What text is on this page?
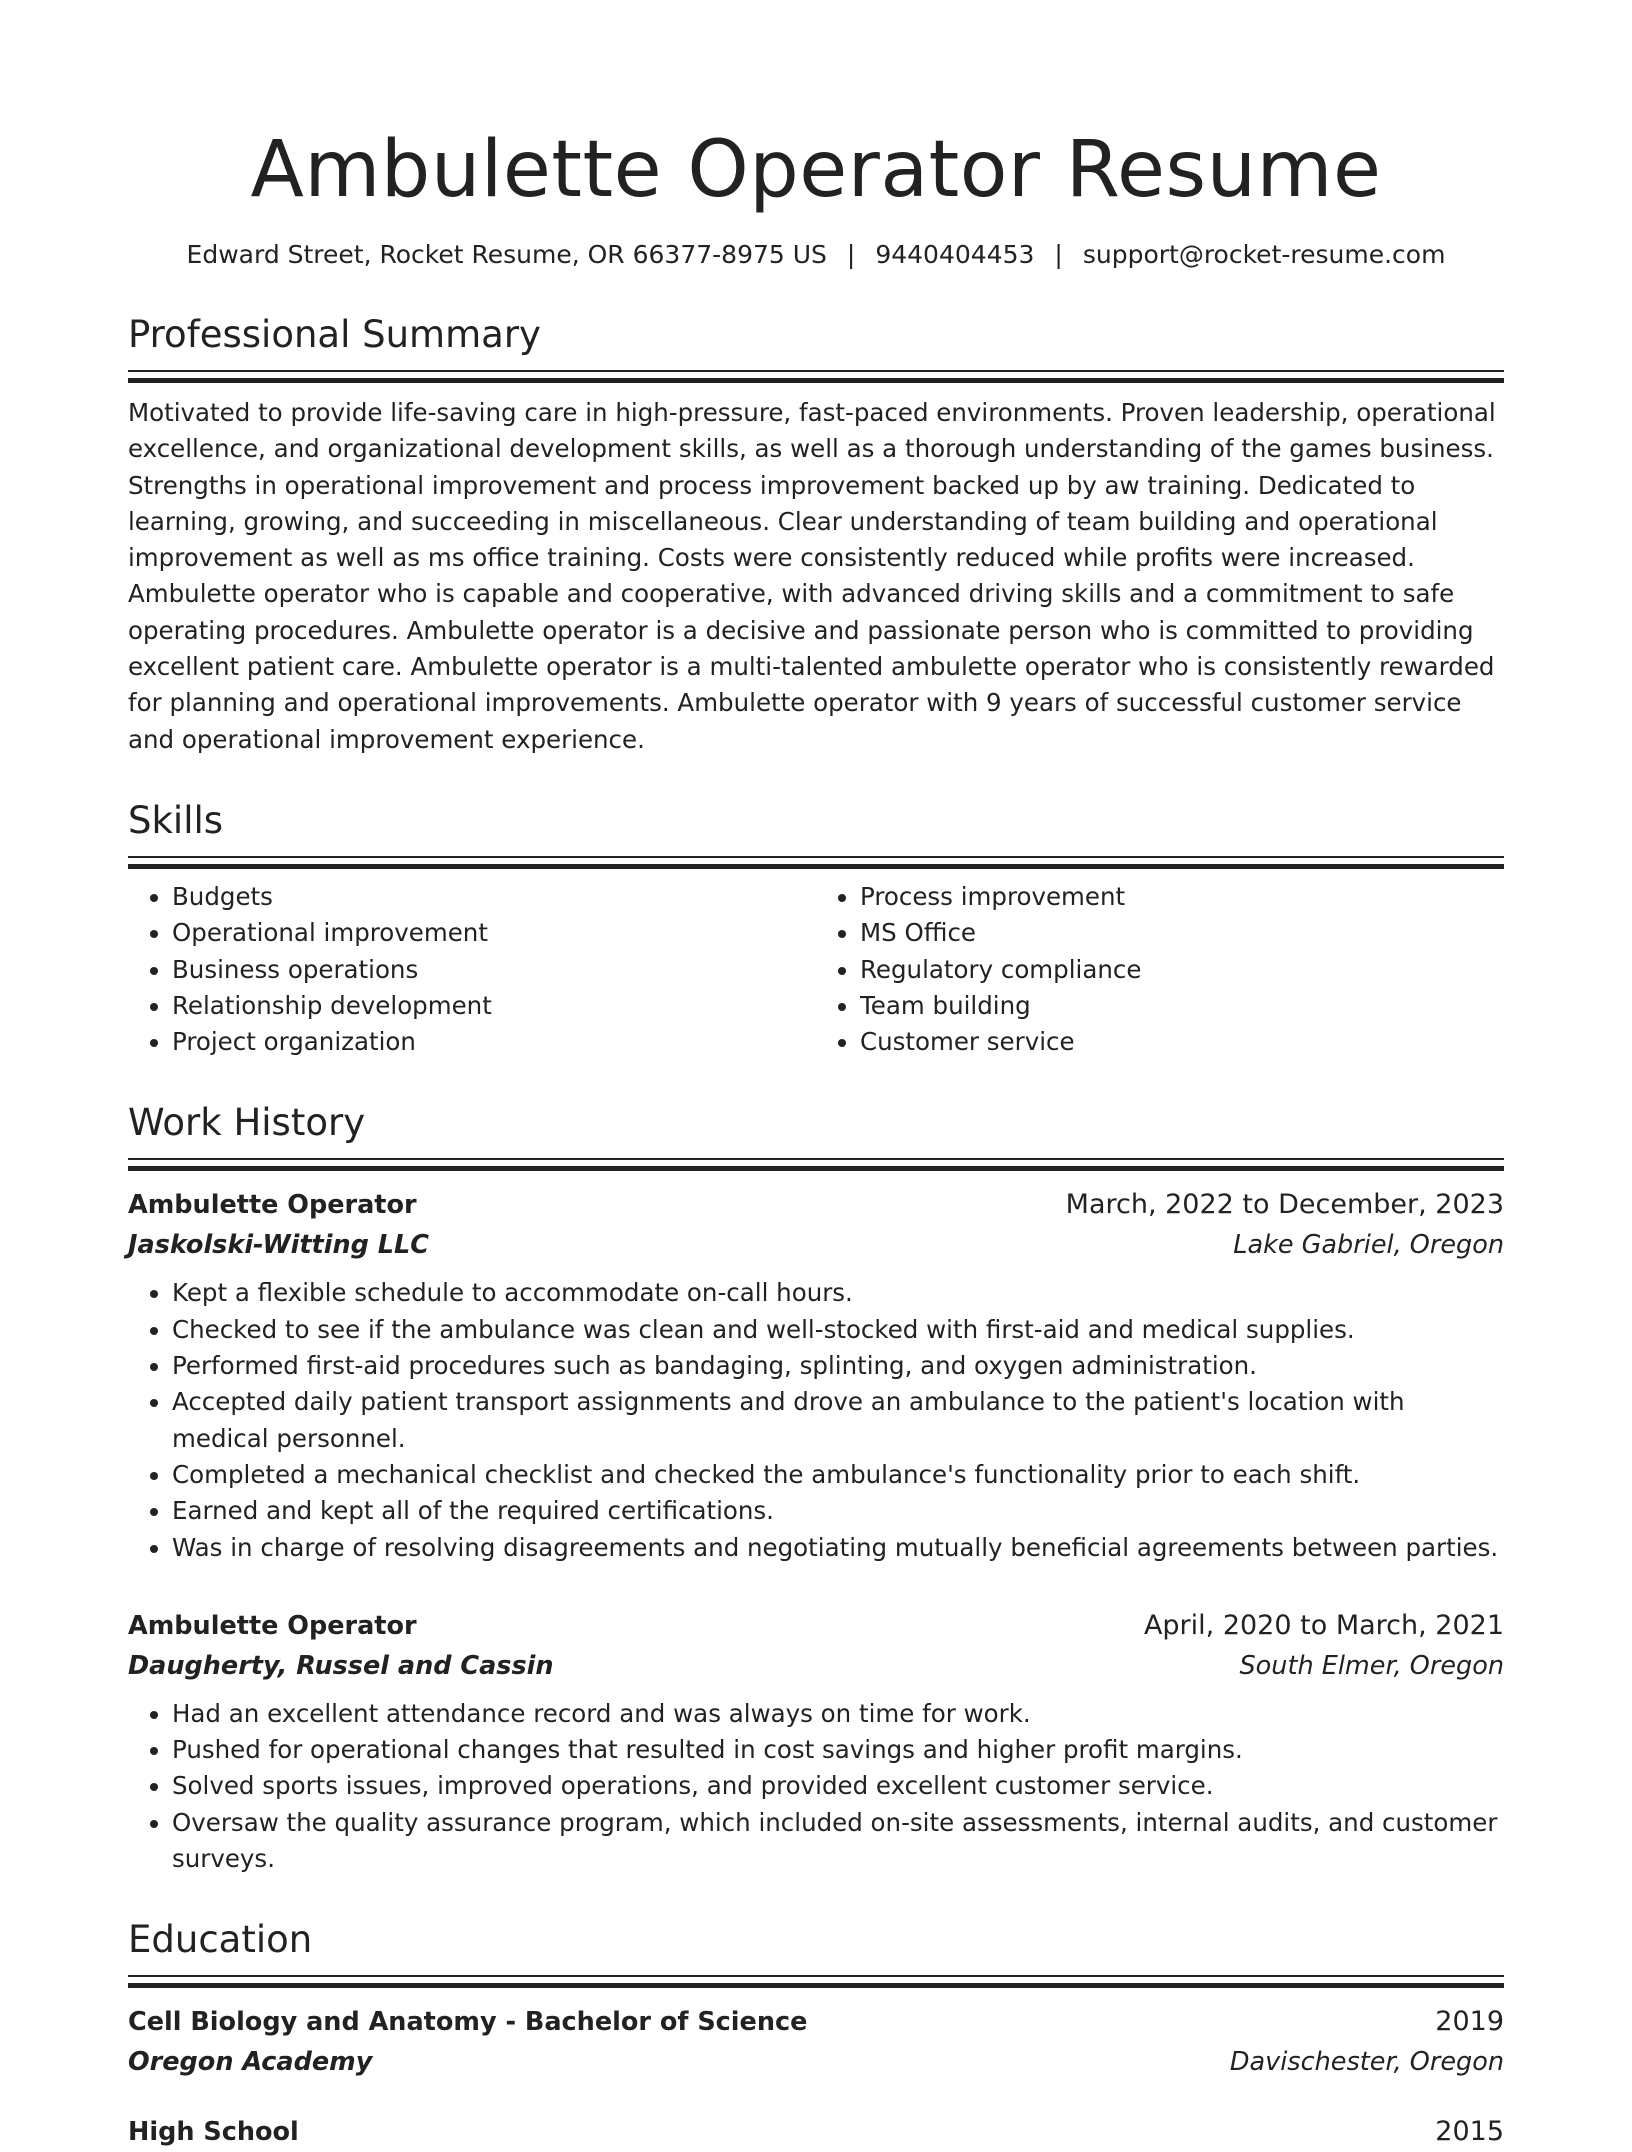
Ambulette Operator Resume
Edward Street, Rocket Resume, OR 66377-8975 US | 9440404453 | support@rocket-resume.com
Professional Summary

Motivated to provide life-saving care in high-pressure, fast-paced environments. Proven leadership, operational excellence, and organizational development skills, as well as a thorough understanding of the games business. Strengths in operational improvement and process improvement backed up by aw training. Dedicated to learning, growing, and succeeding in miscellaneous. Clear understanding of team building and operational improvement as well as ms office training. Costs were consistently reduced while profits were increased. Ambulette operator who is capable and cooperative, with advanced driving skills and a commitment to safe operating procedures. Ambulette operator is a decisive and passionate person who is committed to providing excellent patient care. Ambulette operator is a multi-talented ambulette operator who is consistently rewarded for planning and operational improvements. Ambulette operator with 9 years of successful customer service and operational improvement experience.

Skills
• Budgets
• Operational improvement
• Business operations
• Relationship development
• Project organization
• Process improvement
• MS Office
• Regulatory compliance
• Team building
• Customer service
Work History
Ambulette Operator	March, 2022 to December, 2023
Jaskolski-Witting LLC	Lake Gabriel, Oregon
• Kept a flexible schedule to accommodate on-call hours.
• Checked to see if the ambulance was clean and well-stocked with first-aid and medical supplies.
• Performed first-aid procedures such as bandaging, splinting, and oxygen administration.
• Accepted daily patient transport assignments and drove an ambulance to the patient's location with medical personnel.
• Completed a mechanical checklist and checked the ambulance's functionality prior to each shift.
• Earned and kept all of the required certifications.
• Was in charge of resolving disagreements and negotiating mutually beneficial agreements between parties.
Ambulette Operator	April, 2020 to March, 2021
Daugherty, Russel and Cassin	South Elmer, Oregon
• Had an excellent attendance record and was always on time for work.
• Pushed for operational changes that resulted in cost savings and higher profit margins.
• Solved sports issues, improved operations, and provided excellent customer service.
• Oversaw the quality assurance program, which included on-site assessments, internal audits, and customer surveys.
Education
Cell Biology and Anatomy - Bachelor of Science	2019
Oregon Academy	Davischester, Oregon
High School	2015
